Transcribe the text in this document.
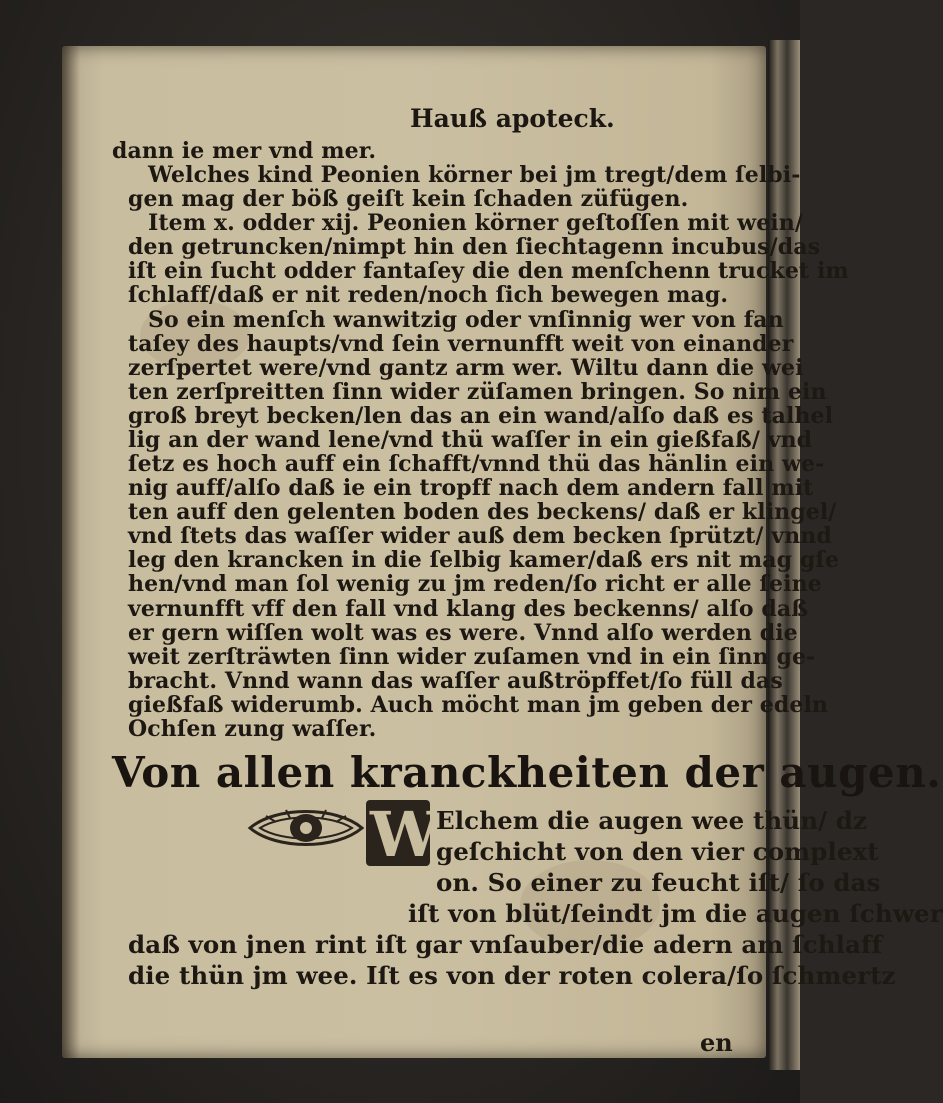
Hauß apoteck.
dann ie mer vnd mer.
Welches kind Peonien körner bei jm tregt/dem ſelbi-
gen mag der böß geiſt kein ſchaden züfügen.
Item x. odder xij. Peonien körner geſtoſſen mit wein/
den getruncken/nimpt hin den ſiechtagenn incubus/das
iſt ein ſucht odder fantaſey die den menſchenn trucket im
ſchlaff/daß er nit reden/noch ſich bewegen mag.
So ein menſch wanwitzig oder vnſinnig wer von fan
taſey des haupts/vnd ſein vernunfft weit von einander
zerſpertet were/vnd gantz arm wer. Wiltu dann die wei
ten zerſpreitten ſinn wider züſamen bringen. So nim ein
groß breyt becken/len das an ein wand/alſo daß es talhel
lig an der wand lene/vnd thü waſſer in ein gießfaß/ vnd
ſetz es hoch auff ein ſchafft/vnnd thü das hänlin ein we-
nig auff/alſo daß ie ein tropff nach dem andern fall mit
ten auff den gelenten boden des beckens/ daß er klingel/
vnd ſtets das waſſer wider auß dem becken ſprützt/ vnnd
leg den krancken in die ſelbig kamer/daß ers nit mag gſe
hen/vnd man ſol wenig zu jm reden/ſo richt er alle ſeine
vernunfft vff den fall vnd klang des beckenns/ alſo daß
er gern wiſſen wolt was es were. Vnnd alſo werden die
weit zerſträwten ſinn wider zuſamen vnd in ein ſinn ge-
bracht. Vnnd wann das waſſer außtröpffet/ſo füll das
gießfaß widerumb. Auch möcht man jm geben der edeln
Ochſen zung waſſer.
Von allen kranckheiten der augen.
W
Elchem die augen wee thün/ dz
geſchicht von den vier complext
on. So einer zu feucht iſt/ ſo das
iſt von blüt/ſeindt jm die augen ſchwer
daß von jnen rint iſt gar vnſauber/die adern am ſchlaff
die thün jm wee. Iſt es von der roten colera/ſo ſchmertz
en
